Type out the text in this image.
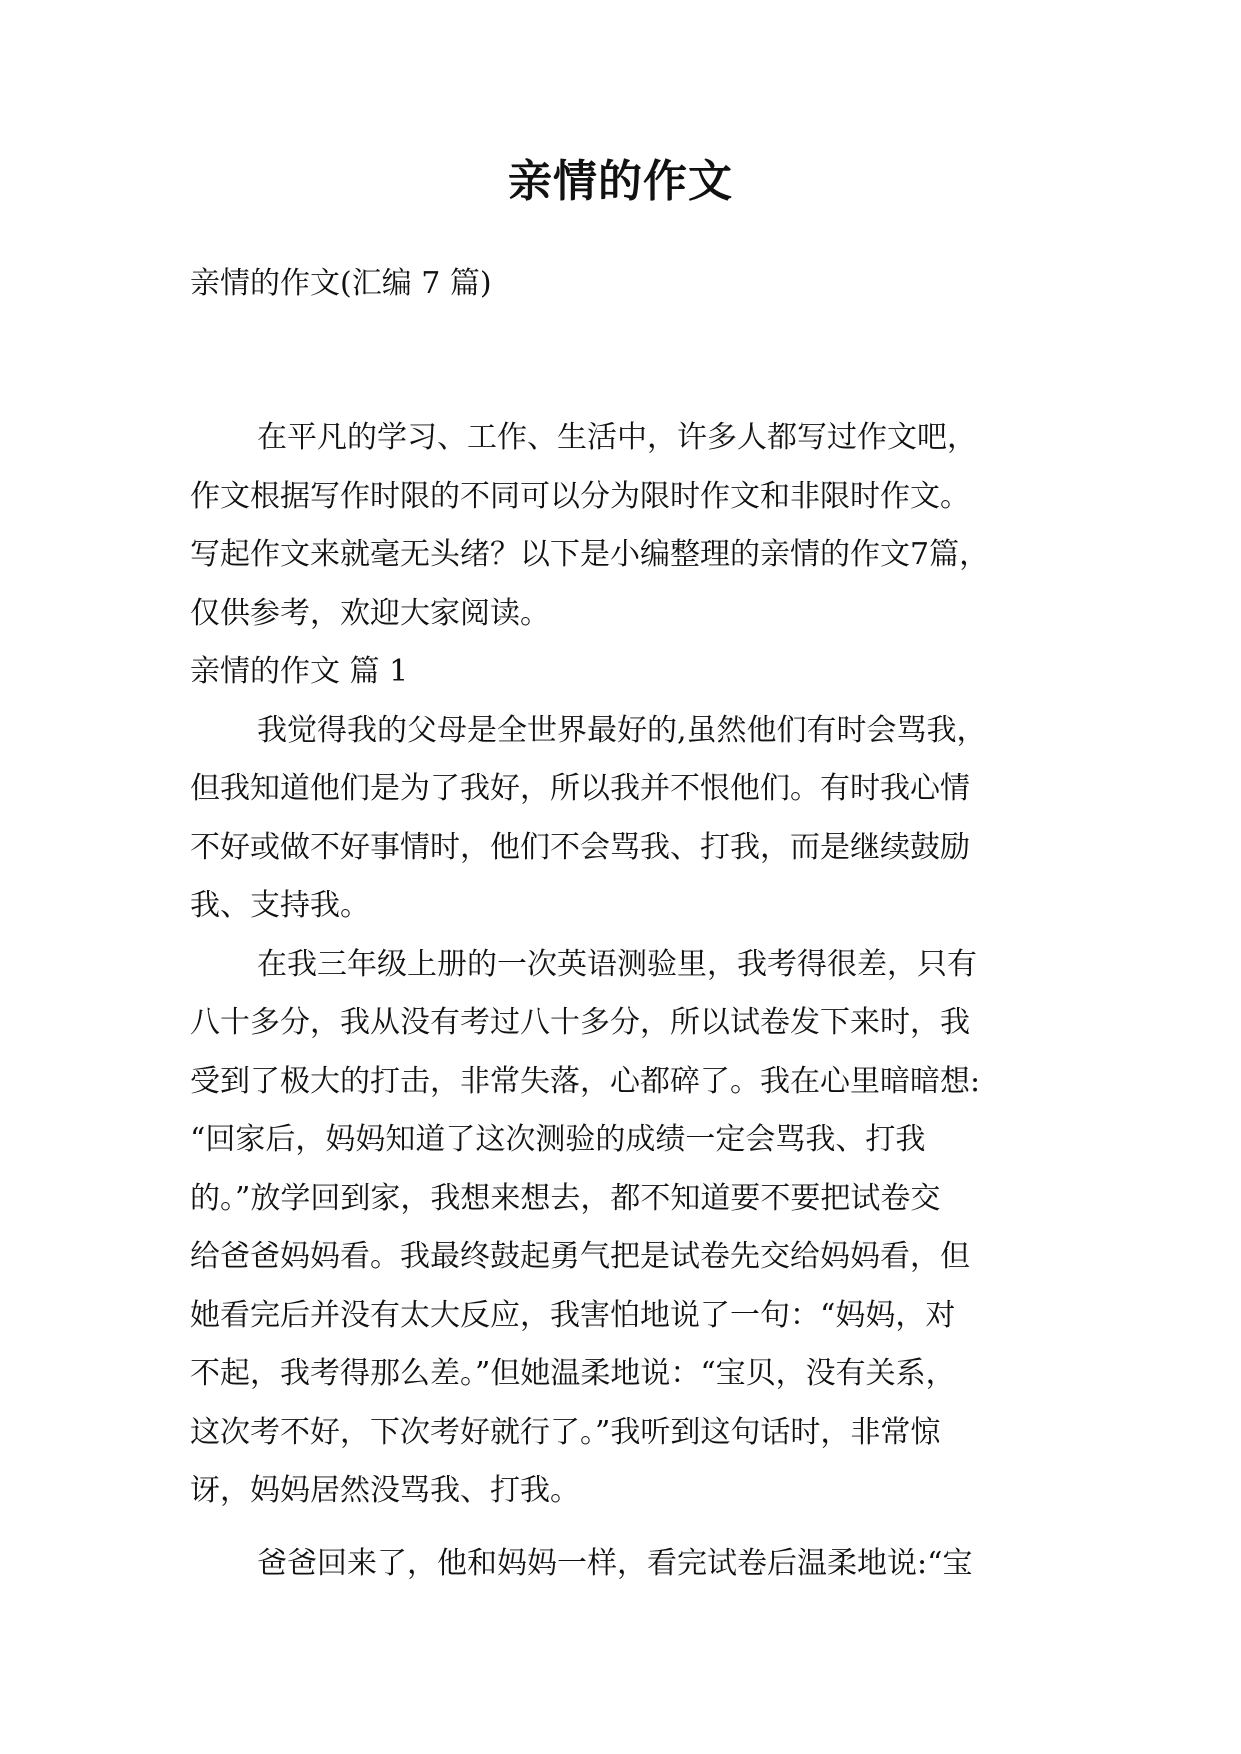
亲情的作文
亲情的作文(汇编 7 篇)
在平凡的学习、工作、生活中，许多人都写过作文吧，
作文根据写作时限的不同可以分为限时作文和非限时作文。
写起作文来就毫无头绪？以下是小编整理的亲情的作文7篇，
仅供参考，欢迎大家阅读。
亲情的作文 篇 1
我觉得我的父母是全世界最好的,虽然他们有时会骂我，
但我知道他们是为了我好，所以我并不恨他们。有时我心情
不好或做不好事情时，他们不会骂我、打我，而是继续鼓励
我、支持我。
在我三年级上册的一次英语测验里，我考得很差，只有
八十多分，我从没有考过八十多分，所以试卷发下来时，我
受到了极大的打击，非常失落，心都碎了。我在心里暗暗想:
“回家后，妈妈知道了这次测验的成绩一定会骂我、打我
的。”放学回到家，我想来想去，都不知道要不要把试卷交
给爸爸妈妈看。我最终鼓起勇气把是试卷先交给妈妈看，但
她看完后并没有太大反应，我害怕地说了一句：“妈妈，对
不起，我考得那么差。”但她温柔地说：“宝贝，没有关系，
这次考不好，下次考好就行了。”我听到这句话时，非常惊
讶，妈妈居然没骂我、打我。
爸爸回来了，他和妈妈一样，看完试卷后温柔地说:“宝
